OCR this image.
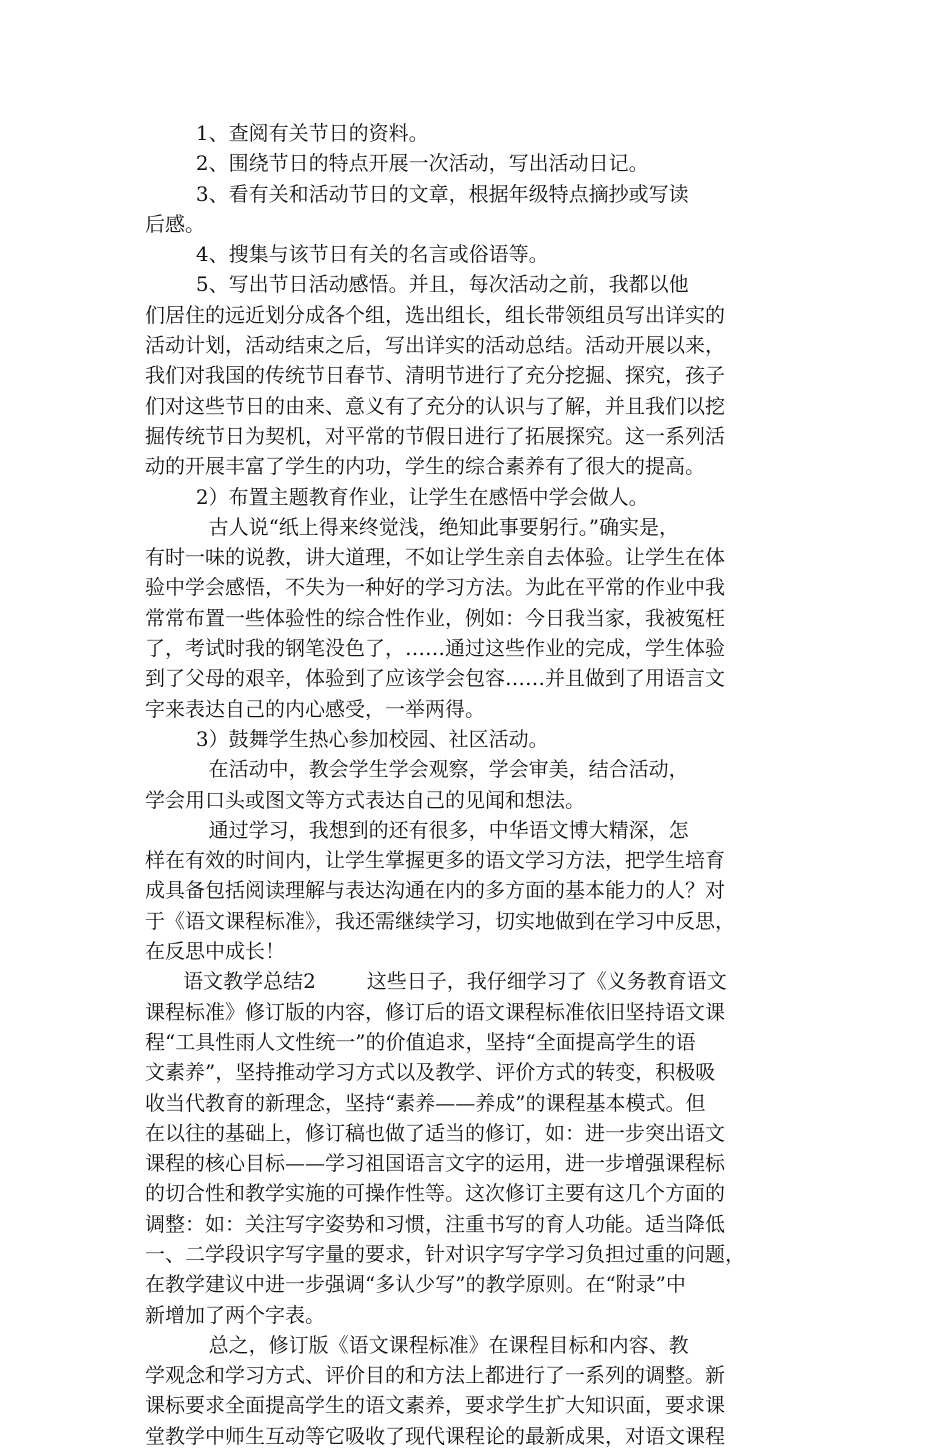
1、查阅有关节日的资料。
2、围绕节日的特点开展一次活动，写出活动日记。
3、看有关和活动节日的文章，根据年级特点摘抄或写读
后感。
4、搜集与该节日有关的名言或俗语等。
5、写出节日活动感悟。并且，每次活动之前，我都以他
们居住的远近划分成各个组，选出组长，组长带领组员写出详实的
活动计划，活动结束之后，写出详实的活动总结。活动开展以来，
我们对我国的传统节日春节、清明节进行了充分挖掘、探究，孩子
们对这些节日的由来、意义有了充分的认识与了解，并且我们以挖
掘传统节日为契机，对平常的节假日进行了拓展探究。这一系列活
动的开展丰富了学生的内功，学生的综合素养有了很大的提高。
2）布置主题教育作业，让学生在感悟中学会做人。
古人说“纸上得来终觉浅，绝知此事要躬行。”确实是，
有时一味的说教，讲大道理，不如让学生亲自去体验。让学生在体
验中学会感悟，不失为一种好的学习方法。为此在平常的作业中我
常常布置一些体验性的综合性作业，例如：今日我当家，我被冤枉
了，考试时我的钢笔没色了，……通过这些作业的完成，学生体验
到了父母的艰辛，体验到了应该学会包容……并且做到了用语言文
字来表达自己的内心感受，一举两得。
3）鼓舞学生热心参加校园、社区活动。
在活动中，教会学生学会观察，学会审美，结合活动，
学会用口头或图文等方式表达自己的见闻和想法。
通过学习，我想到的还有很多，中华语文博大精深，怎
样在有效的时间内，让学生掌握更多的语文学习方法，把学生培育
成具备包括阅读理解与表达沟通在内的多方面的基本能力的人？对
于《语文课程标准》，我还需继续学习，切实地做到在学习中反思，
在反思中成长！
语文教学总结2        这些日子，我仔细学习了《义务教育语文
课程标准》修订版的内容，修订后的语文课程标准依旧坚持语文课
程“工具性雨人文性统一”的价值追求，坚持“全面提高学生的语
文素养”，坚持推动学习方式以及教学、评价方式的转变，积极吸
收当代教育的新理念，坚持“素养——养成”的课程基本模式。但
在以往的基础上，修订稿也做了适当的修订，如：进一步突出语文
课程的核心目标——学习祖国语言文字的运用，进一步增强课程标
的切合性和教学实施的可操作性等。这次修订主要有这几个方面的
调整：如：关注写字姿势和习惯，注重书写的育人功能。适当降低
一、二学段识字写字量的要求，针对识字写字学习负担过重的问题，
在教学建议中进一步强调“多认少写”的教学原则。在“附录”中
新增加了两个字表。
总之，修订版《语文课程标准》在课程目标和内容、教
学观念和学习方式、评价目的和方法上都进行了一系列的调整。新
课标要求全面提高学生的语文素养，要求学生扩大知识面，要求课
堂教学中师生互动等它吸收了现代课程论的最新成果，对语文课程
